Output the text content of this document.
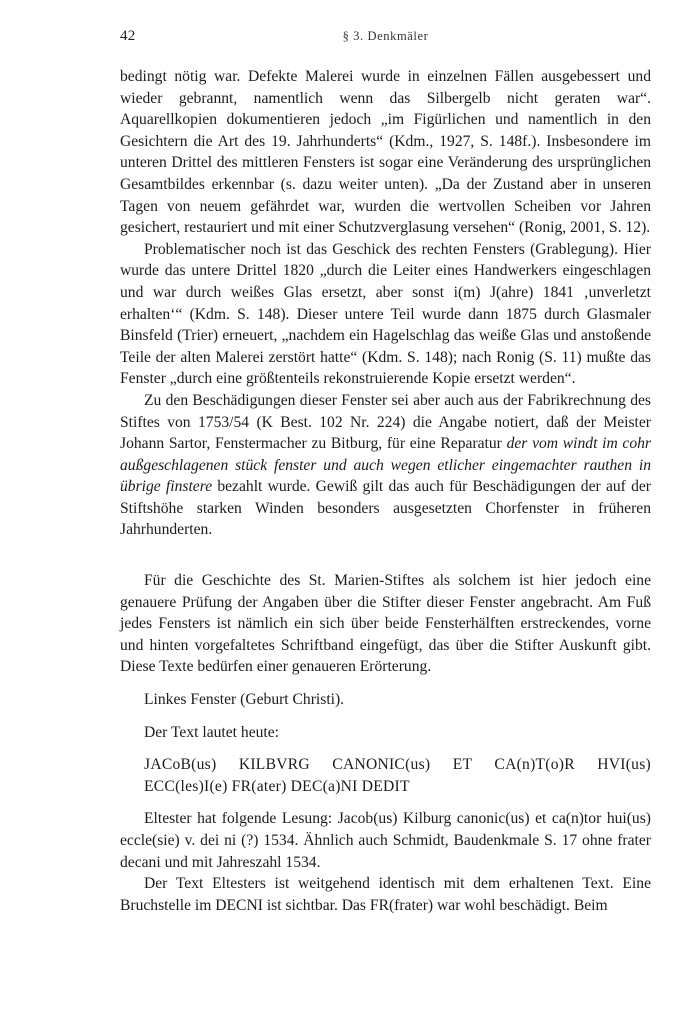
42	§ 3. Denkmäler

bedingt nötig war. Defekte Malerei wurde in einzelnen Fällen ausgebessert und wieder gebrannt, namentlich wenn das Silbergelb nicht geraten war“. Aquarellkopien dokumentieren jedoch „im Figürlichen und namentlich in den Gesichtern die Art des 19. Jahrhunderts“ (Kdm., 1927, S. 148f.). Insbesondere im unteren Drittel des mittleren Fensters ist sogar eine Veränderung des ursprünglichen Gesamtbildes erkennbar (s. dazu weiter unten). „Da der Zustand aber in unseren Tagen von neuem gefährdet war, wurden die wertvollen Scheiben vor Jahren gesichert, restauriert und mit einer Schutzverglasung versehen“ (Ronig, 2001, S. 12).

Problematischer noch ist das Geschick des rechten Fensters (Grablegung). Hier wurde das untere Drittel 1820 „durch die Leiter eines Handwerkers eingeschlagen und war durch weißes Glas ersetzt, aber sonst i(m) J(ahre) 1841 ‚unverletzt erhalten‘“ (Kdm. S. 148). Dieser untere Teil wurde dann 1875 durch Glasmaler Binsfeld (Trier) erneuert, „nachdem ein Hagelschlag das weiße Glas und anstoßende Teile der alten Malerei zerstört hatte“ (Kdm. S. 148); nach Ronig (S. 11) mußte das Fenster „durch eine größtenteils rekonstruierende Kopie ersetzt werden“.

Zu den Beschädigungen dieser Fenster sei aber auch aus der Fabrikrechnung des Stiftes von 1753/54 (K Best. 102 Nr. 224) die Angabe notiert, daß der Meister Johann Sartor, Fenstermacher zu Bitburg, für eine Reparatur der vom windt im cohr außgeschlagenen stück fenster und auch wegen etlicher eingemachter rauthen in übrige finstere bezahlt wurde. Gewiß gilt das auch für Beschädigungen der auf der Stiftshöhe starken Winden besonders ausgesetzten Chorfenster in früheren Jahrhunderten.

Für die Geschichte des St. Marien-Stiftes als solchem ist hier jedoch eine genauere Prüfung der Angaben über die Stifter dieser Fenster angebracht. Am Fuß jedes Fensters ist nämlich ein sich über beide Fensterhälften erstreckendes, vorne und hinten vorgefaltetes Schriftband eingefügt, das über die Stifter Auskunft gibt. Diese Texte bedürfen einer genaueren Erörterung.

Linkes Fenster (Geburt Christi).

Der Text lautet heute:

JACoB(us) KILBVRG CANONIC(us) ET CA(n)T(o)R HVI(us)
ECC(les)I(e) FR(ater) DEC(a)NI DEDIT

Eltester hat folgende Lesung: Jacob(us) Kilburg canonic(us) et ca(n)tor hui(us) eccle(sie) v. dei ni (?) 1534. Ähnlich auch Schmidt, Baudenkmale S. 17 ohne frater decani und mit Jahreszahl 1534.

Der Text Eltesters ist weitgehend identisch mit dem erhaltenen Text. Eine Bruchstelle im DECNI ist sichtbar. Das FR(frater) war wohl beschädigt. Beim
